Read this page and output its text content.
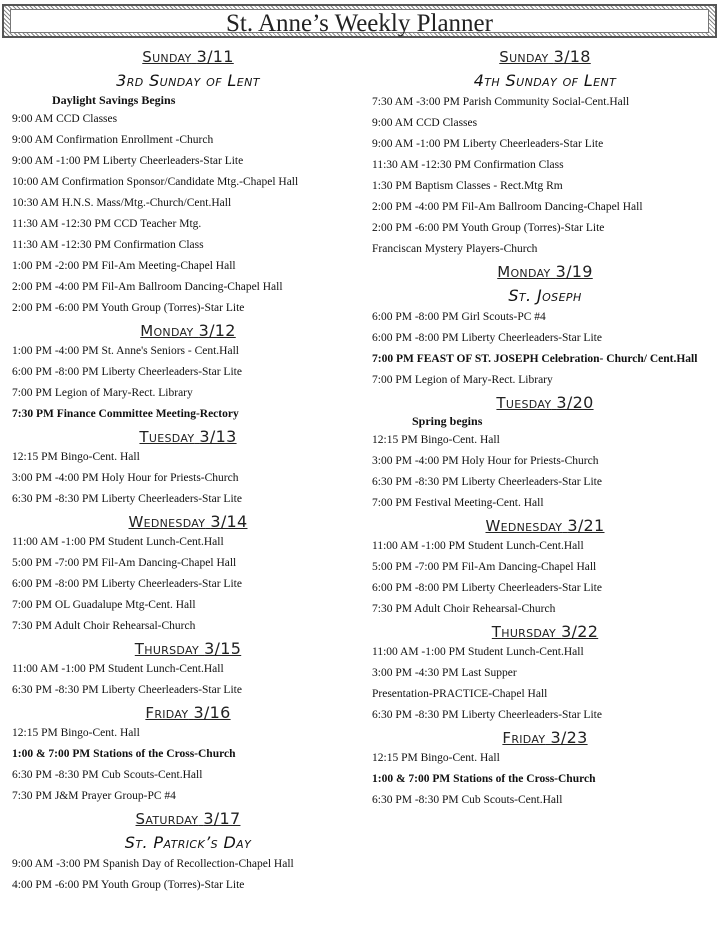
St. Anne’s Weekly Planner
Sunday 3/11
3rd Sunday of Lent
Daylight Savings Begins
9:00 AM CCD Classes
9:00 AM Confirmation Enrollment -Church
9:00 AM -1:00 PM Liberty Cheerleaders-Star Lite
10:00 AM Confirmation Sponsor/Candidate Mtg.-Chapel Hall
10:30 AM H.N.S. Mass/Mtg.-Church/Cent.Hall
11:30 AM -12:30 PM CCD Teacher Mtg.
11:30 AM -12:30 PM Confirmation Class
1:00 PM -2:00 PM Fil-Am Meeting-Chapel Hall
2:00 PM -4:00 PM Fil-Am Ballroom Dancing-Chapel Hall
2:00 PM -6:00 PM Youth Group (Torres)-Star Lite
Monday 3/12
1:00 PM -4:00 PM St. Anne's Seniors - Cent.Hall
6:00 PM -8:00 PM Liberty Cheerleaders-Star Lite
7:00 PM Legion of Mary-Rect. Library
7:30 PM Finance Committee Meeting-Rectory
Tuesday 3/13
12:15 PM Bingo-Cent. Hall
3:00 PM -4:00 PM Holy Hour for Priests-Church
6:30 PM -8:30 PM Liberty Cheerleaders-Star Lite
Wednesday 3/14
11:00 AM -1:00 PM Student Lunch-Cent.Hall
5:00 PM -7:00 PM Fil-Am Dancing-Chapel Hall
6:00 PM -8:00 PM Liberty Cheerleaders-Star Lite
7:00 PM OL Guadalupe Mtg-Cent. Hall
7:30 PM Adult Choir Rehearsal-Church
Thursday 3/15
11:00 AM -1:00 PM Student Lunch-Cent.Hall
6:30 PM -8:30 PM Liberty Cheerleaders-Star Lite
Friday 3/16
12:15 PM Bingo-Cent. Hall
1:00 & 7:00 PM Stations of the Cross-Church
6:30 PM -8:30 PM Cub Scouts-Cent.Hall
7:30 PM J&M Prayer Group-PC #4
Saturday 3/17
St. Patrick’s Day
9:00 AM -3:00 PM Spanish Day of Recollection-Chapel Hall
4:00 PM -6:00 PM Youth Group (Torres)-Star Lite
Sunday 3/18
4th Sunday of Lent
7:30 AM -3:00 PM Parish Community Social-Cent.Hall
9:00 AM CCD Classes
9:00 AM -1:00 PM Liberty Cheerleaders-Star Lite
11:30 AM -12:30 PM Confirmation Class
1:30 PM Baptism Classes - Rect.Mtg Rm
2:00 PM -4:00 PM Fil-Am Ballroom Dancing-Chapel Hall
2:00 PM -6:00 PM Youth Group (Torres)-Star Lite
Franciscan Mystery Players-Church
Monday 3/19
St. Joseph
6:00 PM -8:00 PM Girl Scouts-PC #4
6:00 PM -8:00 PM Liberty Cheerleaders-Star Lite
7:00 PM FEAST OF ST. JOSEPH Celebration- Church/ Cent.Hall
7:00 PM Legion of Mary-Rect. Library
Tuesday 3/20
Spring begins
12:15 PM Bingo-Cent. Hall
3:00 PM -4:00 PM Holy Hour for Priests-Church
6:30 PM -8:30 PM Liberty Cheerleaders-Star Lite
7:00 PM Festival Meeting-Cent. Hall
Wednesday 3/21
11:00 AM -1:00 PM Student Lunch-Cent.Hall
5:00 PM -7:00 PM Fil-Am Dancing-Chapel Hall
6:00 PM -8:00 PM Liberty Cheerleaders-Star Lite
7:30 PM Adult Choir Rehearsal-Church
Thursday 3/22
11:00 AM -1:00 PM Student Lunch-Cent.Hall
3:00 PM -4:30 PM Last Supper
Presentation-PRACTICE-Chapel Hall
6:30 PM -8:30 PM Liberty Cheerleaders-Star Lite
Friday 3/23
12:15 PM Bingo-Cent. Hall
1:00 & 7:00 PM Stations of the Cross-Church
6:30 PM -8:30 PM Cub Scouts-Cent.Hall
